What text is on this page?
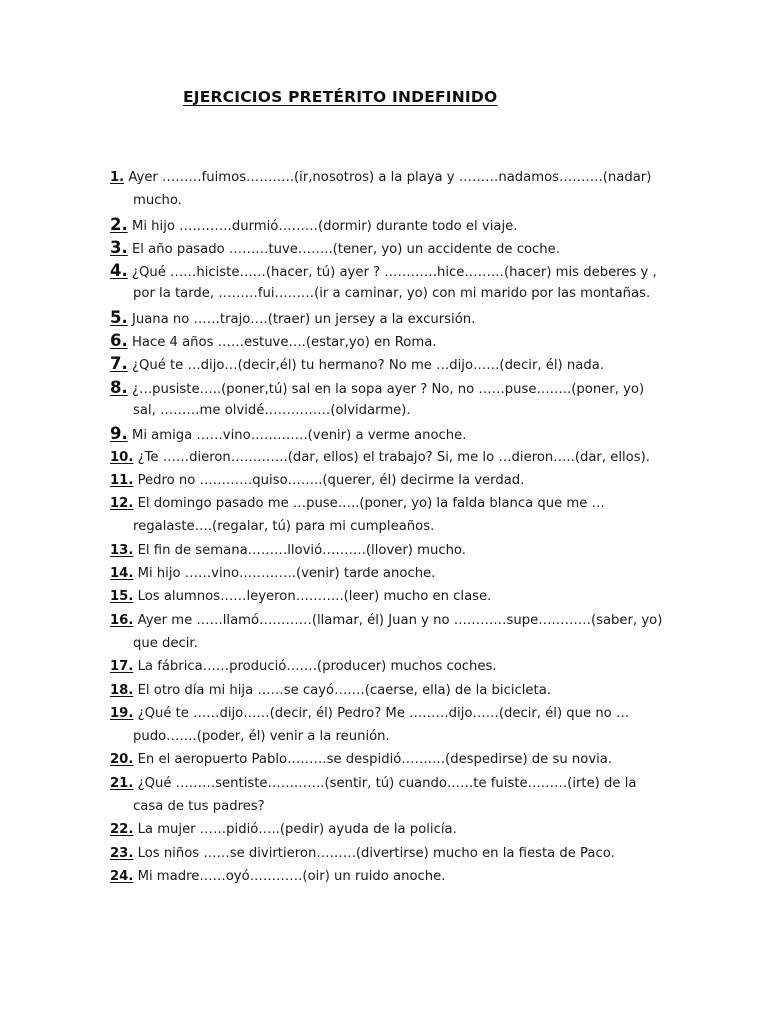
EJERCICIOS PRETÉRITO INDEFINIDO
1. Ayer ………fuimos………..(ir,nosotros) a la playa y ………nadamos……….(nadar)
mucho.
2. Mi hijo …………durmió………(dormir) durante todo el viaje.
3. El año pasado ………tuve……..(tener, yo) un accidente de coche.
4. ¿Qué ……hiciste……(hacer, tú) ayer ? …………hice………(hacer) mis deberes y ,
por la tarde, ………fui………(ir a caminar, yo) con mi marido por las montañas.
5. Juana no ……trajo….(traer) un jersey a la excursión.
6. Hace 4 años ……estuve….(estar,yo) en Roma.
7. ¿Qué te …dijo…(decir,él) tu hermano? No me …dijo……(decir, él) nada.
8. ¿…pusiste…..(poner,tú) sal en la sopa ayer ? No, no ……puse……..(poner, yo)
sal, ………me olvidé……………(olvidarme).
9. Mi amiga ……vino………….(venir) a verme anoche.
10. ¿Te ……dieron………….(dar, ellos) el trabajo? Si, me lo …dieron…..(dar, ellos).
11. Pedro no …………quiso……..(querer, él) decirme la verdad.
12. El domingo pasado me …puse…..(poner, yo) la falda blanca que me …
regalaste….(regalar, tú) para mi cumpleaños.
13. El fin de semana………llovió……….(llover) mucho.
14. Mi hijo ……vino………….(venir) tarde anoche.
15. Los alumnos……leyeron………..(leer) mucho en clase.
16. Ayer me ……llamó…………(llamar, él) Juan y no …………supe…………(saber, yo)
que decir.
17. La fábrica……produció…….(producer) muchos coches.
18. El otro día mi hija ……se cayó…….(caerse, ella) de la bicicleta.
19. ¿Qué te ……dijo……(decir, él) Pedro? Me ………dijo……(decir, él) que no …
pudo…….(poder, él) venir a la reunión.
20. En el aeropuerto Pablo………se despidió……….(despedirse) de su novia.
21. ¿Qué ………sentiste………….(sentir, tú) cuando……te fuiste………(irte) de la
casa de tus padres?
22. La mujer ……pidió…..(pedir) ayuda de la policía.
23. Los niños ……se divirtieron………(divertirse) mucho en la fiesta de Paco.
24. Mi madre……oyó…………(oir) un ruido anoche.
